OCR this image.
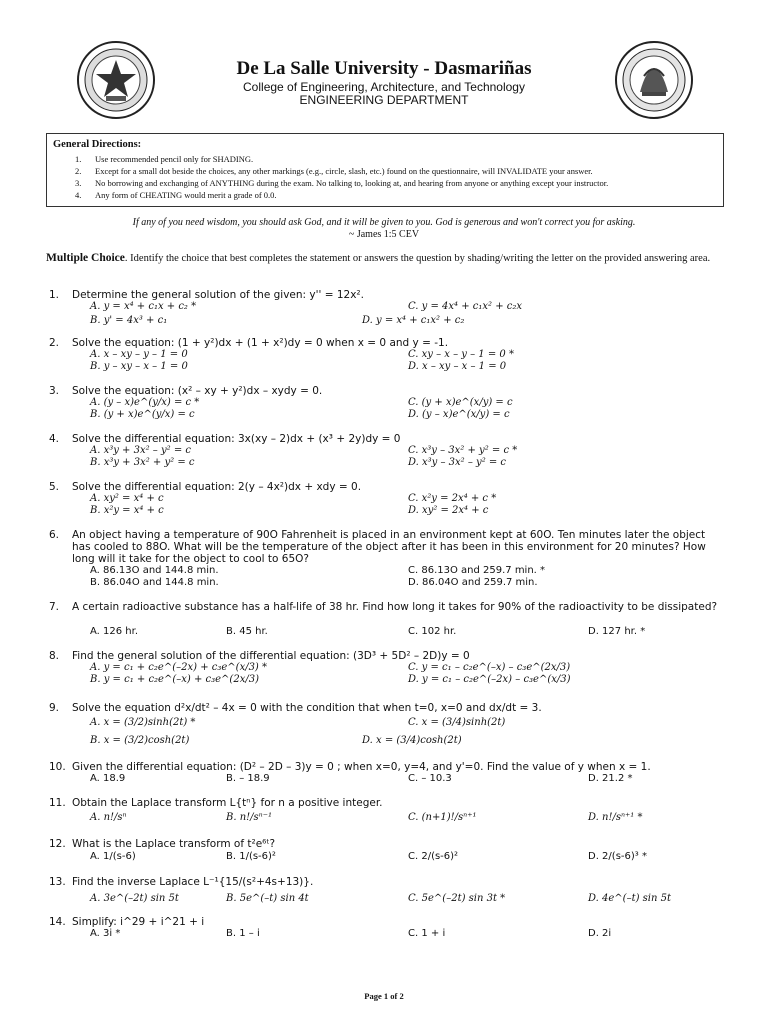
De La Salle University - Dasmariñas
College of Engineering, Architecture, and Technology
ENGINEERING DEPARTMENT
General Directions:
1. Use recommended pencil only for SHADING.
2. Except for a small dot beside the choices, any other markings (e.g., circle, slash, etc.) found on the questionnaire, will INVALIDATE your answer.
3. No borrowing and exchanging of ANYTHING during the exam. No talking to, looking at, and hearing from anyone or anything except your instructor.
4. Any form of CHEATING would merit a grade of 0.0.
If any of you need wisdom, you should ask God, and it will be given to you. God is generous and won't correct you for asking.
~ James 1:5 CEV
Multiple Choice. Identify the choice that best completes the statement or answers the question by shading/writing the letter on the provided answering area.
1. Determine the general solution of the given: y'' = 12x².
A. y = x⁴ + c₁x + c₂ *	C. y = 4x⁴ + c₁x² + c₂x
B. y' = 4x³ + c₁	D. y = x⁴ + c₁x² + c₂
2. Solve the equation: (1 + y²)dx + (1 + x²)dy = 0 when x = 0 and y = -1.
A. x – xy – y – 1 = 0	C. xy – x – y – 1 = 0 *
B. y – xy – x – 1 = 0	D. x – xy – x – 1 = 0
3. Solve the equation: (x² – xy + y²)dx – xydy = 0.
A. (y – x)e^(y/x) = c *	C. (y + x)e^(x/y) = c
B. (y + x)e^(y/x) = c	D. (y – x)e^(x/y) = c
4. Solve the differential equation: 3x(xy – 2)dx + (x³ + 2y)dy = 0
A. x³y + 3x² – y² = c	C. x³y – 3x² + y² = c *
B. x³y + 3x² + y² = c	D. x³y – 3x² – y² = c
5. Solve the differential equation: 2(y – 4x²)dx + xdy = 0.
A. xy² = x⁴ + c	C. x²y = 2x⁴ + c *
B. x²y = x⁴ + c	D. xy² = 2x⁴ + c
6. An object having a temperature of 90O Fahrenheit is placed in an environment kept at 60O. Ten minutes later the object has cooled to 88O. What will be the temperature of the object after it has been in this environment for 20 minutes? How long will it take for the object to cool to 65O?
A. 86.13O and 144.8 min.	C. 86.13O and 259.7 min. *
B. 86.04O and 144.8 min.	D. 86.04O and 259.7 min.
7. A certain radioactive substance has a half-life of 38 hr. Find how long it takes for 90% of the radioactivity to be dissipated?
A. 126 hr.	B. 45 hr.	C. 102 hr.	D. 127 hr. *
8. Find the general solution of the differential equation: (3D³ + 5D² – 2D)y = 0
A. y = c₁ + c₂e^(–2x) + c₃e^(x/3) *	C. y = c₁ – c₂e^(–x) – c₃e^(2x/3)
B. y = c₁ + c₂e^(–x) + c₃e^(2x/3)	D. y = c₁ – c₂e^(–2x) – c₃e^(x/3)
9. Solve the equation d²x/dt² – 4x = 0 with the condition that when t=0, x=0 and dx/dt = 3.
A. x = (3/2)sinh(2t) *	C. x = (3/4)sinh(2t)
B. x = (3/2)cosh(2t)	D. x = (3/4)cosh(2t)
10. Given the differential equation: (D² – 2D – 3)y = 0 ; when x=0, y=4, and y'=0. Find the value of y when x = 1.
A. 18.9	B. – 18.9	C. – 10.3	D. 21.2 *
11. Obtain the Laplace transform L{tⁿ} for n a positive integer.
A. n!/sⁿ	B. n!/sⁿ⁻¹	C. (n+1)!/sⁿ⁺¹	D. n!/sⁿ⁺¹ *
12. What is the Laplace transform of t²e⁶ᵗ?
A. 1/(s-6)	B. 1/(s-6)²	C. 2/(s-6)²	D. 2/(s-6)³ *
13. Find the inverse Laplace L⁻¹{15/(s²+4s+13)}.
A. 3e^(–2t) sin 5t	B. 5e^(–t) sin 4t	C. 5e^(–2t) sin 3t *	D. 4e^(–t) sin 5t
14. Simplify: i^29 + i^21 + i
A. 3i *	B. 1 – i	C. 1 + i	D. 2i
Page 1 of 2
